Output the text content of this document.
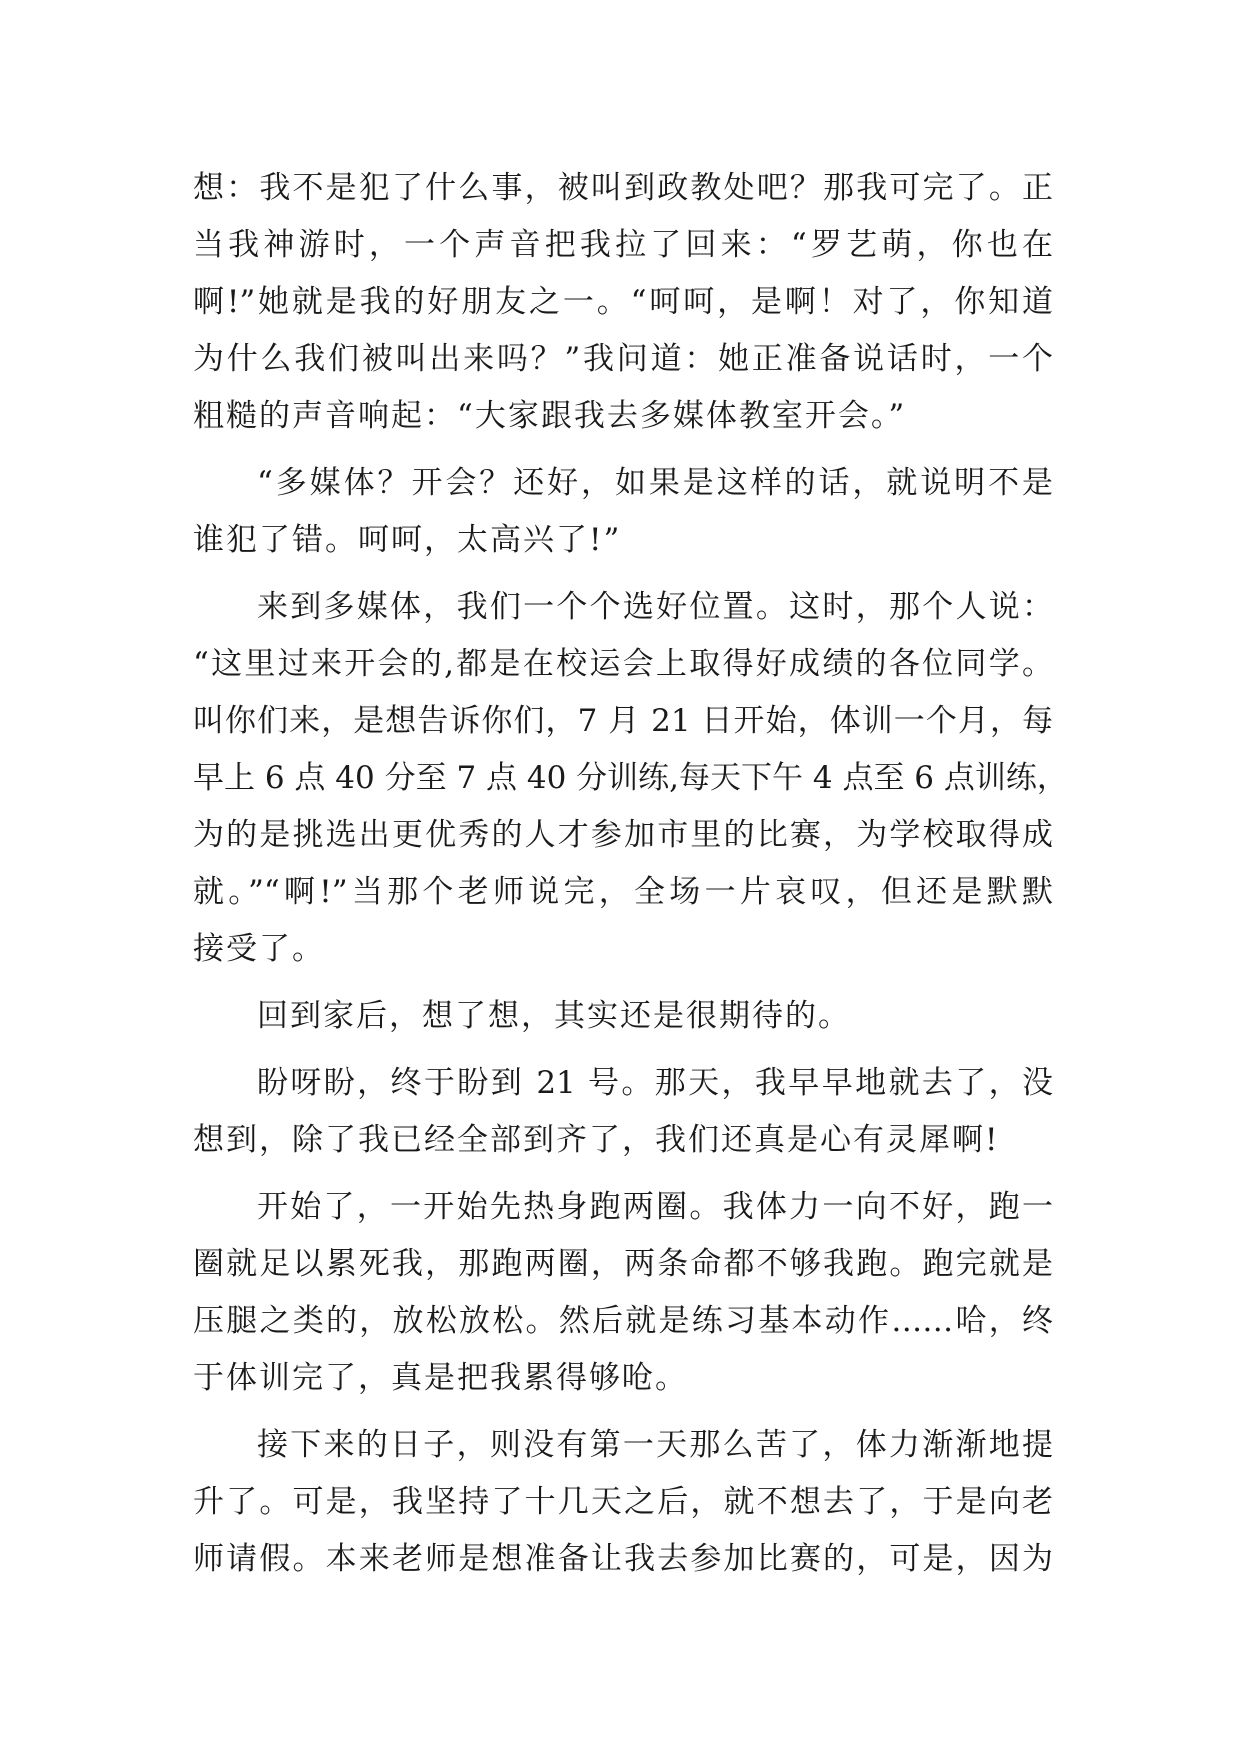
想：我不是犯了什么事，被叫到政教处吧？那我可完了。正
当我神游时，一个声音把我拉了回来：“罗艺萌，你也在
啊!”她就是我的好朋友之一。“呵呵，是啊！对了，你知道
为什么我们被叫出来吗？”我问道：她正准备说话时，一个
粗糙的声音响起：“大家跟我去多媒体教室开会。”
“多媒体？开会？还好，如果是这样的话，就说明不是
谁犯了错。呵呵，太高兴了!”
来到多媒体，我们一个个选好位置。这时，那个人说：
“这里过来开会的,都是在校运会上取得好成绩的各位同学。
叫你们来，是想告诉你们，7 月 21 日开始，体训一个月，每
早上 6 点 40 分至 7 点 40 分训练,每天下午 4 点至 6 点训练，
为的是挑选出更优秀的人才参加市里的比赛，为学校取得成
就。”“啊!”当那个老师说完，全场一片哀叹，但还是默默
接受了。
回到家后，想了想，其实还是很期待的。
盼呀盼，终于盼到 21 号。那天，我早早地就去了，没
想到，除了我已经全部到齐了，我们还真是心有灵犀啊!
开始了，一开始先热身跑两圈。我体力一向不好，跑一
圈就足以累死我，那跑两圈，两条命都不够我跑。跑完就是
压腿之类的，放松放松。然后就是练习基本动作……哈，终
于体训完了，真是把我累得够呛。
接下来的日子，则没有第一天那么苦了，体力渐渐地提
升了。可是，我坚持了十几天之后，就不想去了，于是向老
师请假。本来老师是想准备让我去参加比赛的，可是，因为
